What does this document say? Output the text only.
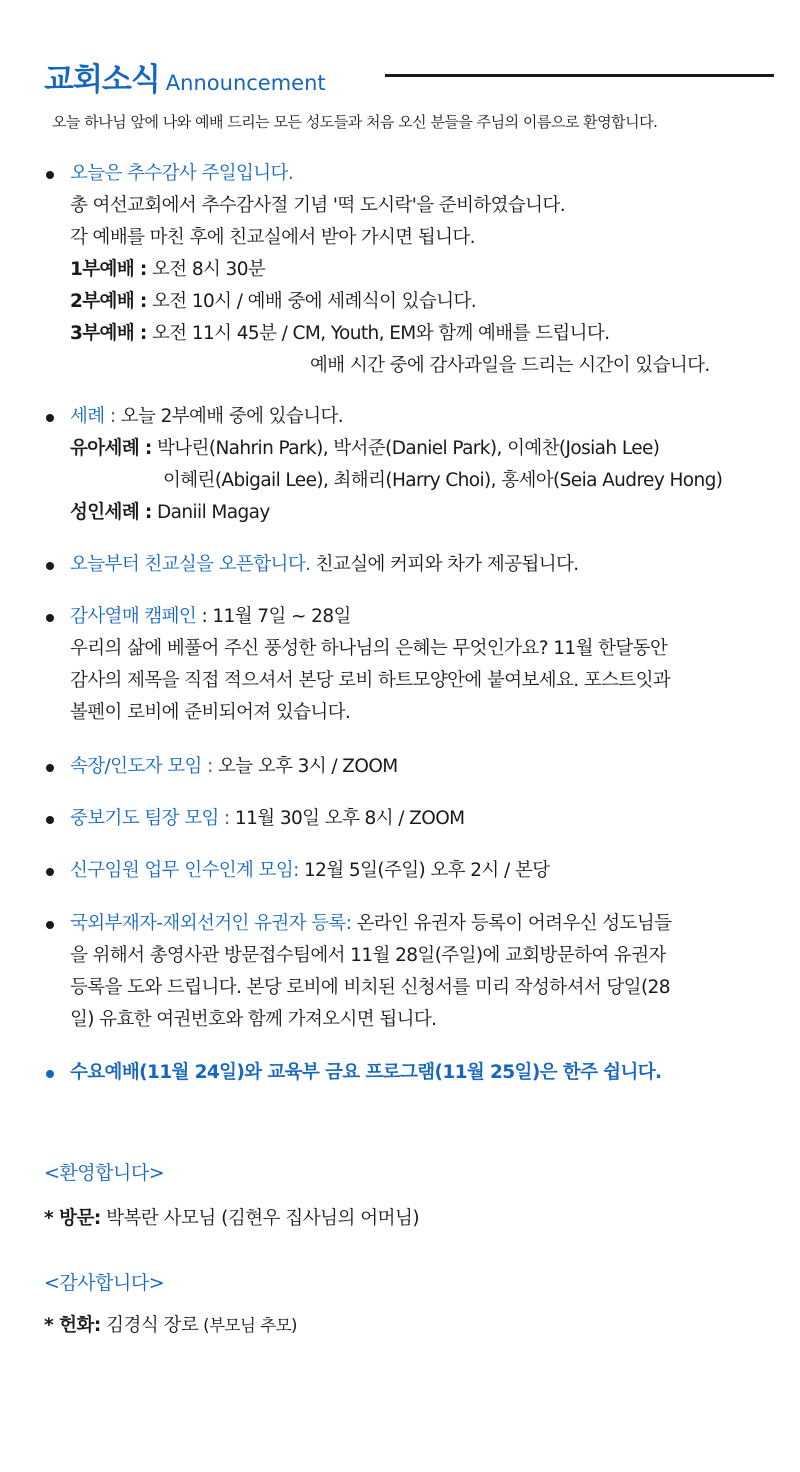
교회소식 Announcement
오늘 하나님 앞에 나와 예배 드리는 모든 성도들과 처음 오신 분들을 주님의 이름으로 환영합니다.
오늘은 추수감사 주일입니다.
총 여선교회에서 추수감사절 기념 '떡 도시락'을 준비하였습니다.
각 예배를 마친 후에 친교실에서 받아 가시면 됩니다.
1부예배 : 오전 8시 30분
2부예배 : 오전 10시 / 예배 중에 세례식이 있습니다.
3부예배 : 오전 11시 45분 / CM, Youth, EM와 함께 예배를 드립니다.
예배 시간 중에 감사과일을 드리는 시간이 있습니다.
세례 : 오늘 2부예배 중에 있습니다.
유아세례 : 박나린(Nahrin Park), 박서준(Daniel Park), 이예찬(Josiah Lee)
이혜린(Abigail Lee), 최해리(Harry Choi), 홍세아(Seia Audrey Hong)
성인세례 : Daniil Magay
오늘부터 친교실을 오픈합니다. 친교실에 커피와 차가 제공됩니다.
감사열매 캠페인 : 11월 7일 ~ 28일
우리의 삶에 베풀어 주신 풍성한 하나님의 은혜는 무엇인가요? 11월 한달동안
감사의 제목을 직접 적으셔서 본당 로비 하트모양안에 붙여보세요. 포스트잇과
볼펜이 로비에 준비되어져 있습니다.
속장/인도자 모임 : 오늘 오후 3시 / ZOOM
중보기도 팀장 모임 : 11월 30일 오후 8시 / ZOOM
신구임원 업무 인수인계 모임: 12월 5일(주일) 오후 2시 / 본당
국외부재자-재외선거인 유권자 등록: 온라인 유권자 등록이 어려우신 성도님들
을 위해서 총영사관 방문접수팀에서 11월 28일(주일)에 교회방문하여 유권자
등록을 도와 드립니다. 본당 로비에 비치된 신청서를 미리 작성하셔서 당일(28
일) 유효한 여권번호와 함께 가져오시면 됩니다.
수요예배(11월 24일)와 교육부 금요 프로그램(11월 25일)은 한주 쉽니다.
<환영합니다>
* 방문: 박복란 사모님 (김현우 집사님의 어머님)
<감사합니다>
* 헌화: 김경식 장로 (부모님 추모)
